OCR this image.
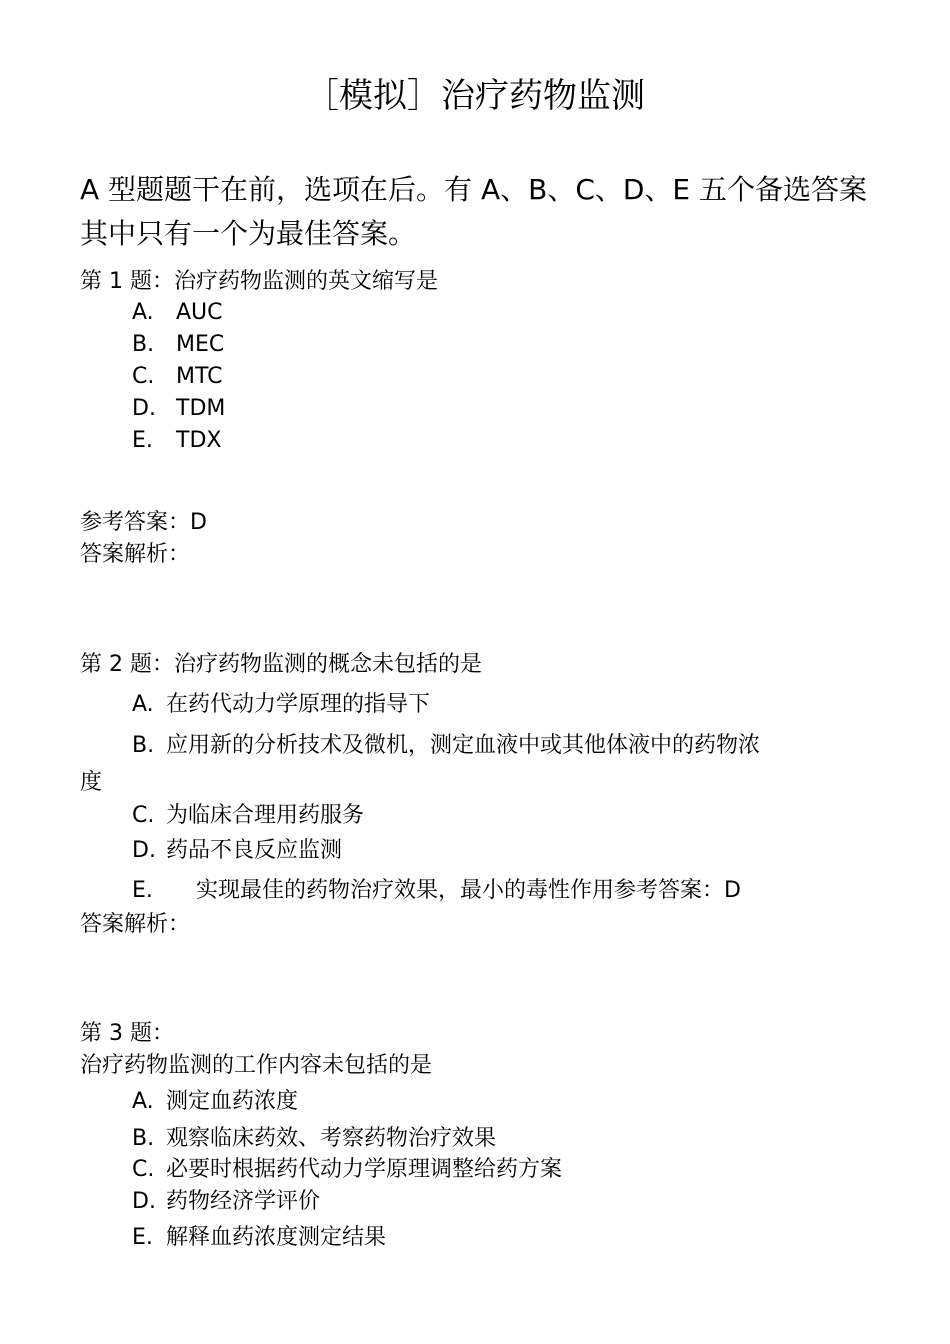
［模拟］治疗药物监测
A 型题题干在前，选项在后。有 A、B、C、D、E 五个备选答案其中只有一个为最佳答案。
第 1 题：治疗药物监测的英文缩写是
A. AUC
B. MEC
C. MTC
D. TDM
E. TDX
参考答案：D
答案解析：
第 2 题：治疗药物监测的概念未包括的是
A. 在药代动力学原理的指导下
B. 应用新的分析技术及微机，测定血液中或其他体液中的药物浓
度
C. 为临床合理用药服务
D. 药品不良反应监测
E. 实现最佳的药物治疗效果，最小的毒性作用参考答案：D
答案解析：
第 3 题：
治疗药物监测的工作内容未包括的是
A. 测定血药浓度
B. 观察临床药效、考察药物治疗效果
C. 必要时根据药代动力学原理调整给药方案
D. 药物经济学评价
E. 解释血药浓度测定结果
